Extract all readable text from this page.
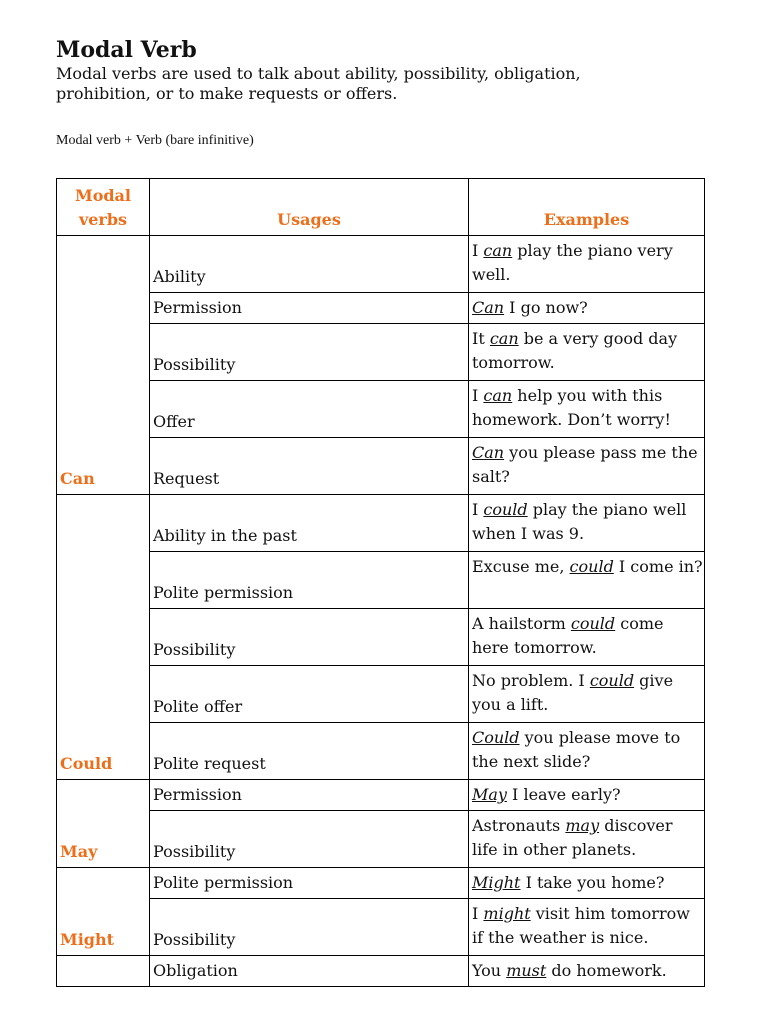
Modal Verb

Modal verbs are used to talk about ability, possibility, obligation, prohibition, or to make requests or offers.

Modal verb + Verb (bare infinitive)

Modal verbs	Usages	Examples
Can	Ability	I can play the piano very well.
	Permission	Can I go now?
	Possibility	It can be a very good day tomorrow.
	Offer	I can help you with this homework. Don’t worry!
	Request	Can you please pass me the salt?
Could	Ability in the past	I could play the piano well when I was 9.
	Polite permission	Excuse me, could I come in?
	Possibility	A hailstorm could come here tomorrow.
	Polite offer	No problem. I could give you a lift.
	Polite request	Could you please move to the next slide?
May	Permission	May I leave early?
	Possibility	Astronauts may discover life in other planets.
Might	Polite permission	Might I take you home?
	Possibility	I might visit him tomorrow if the weather is nice.
	Obligation	You must do homework.
